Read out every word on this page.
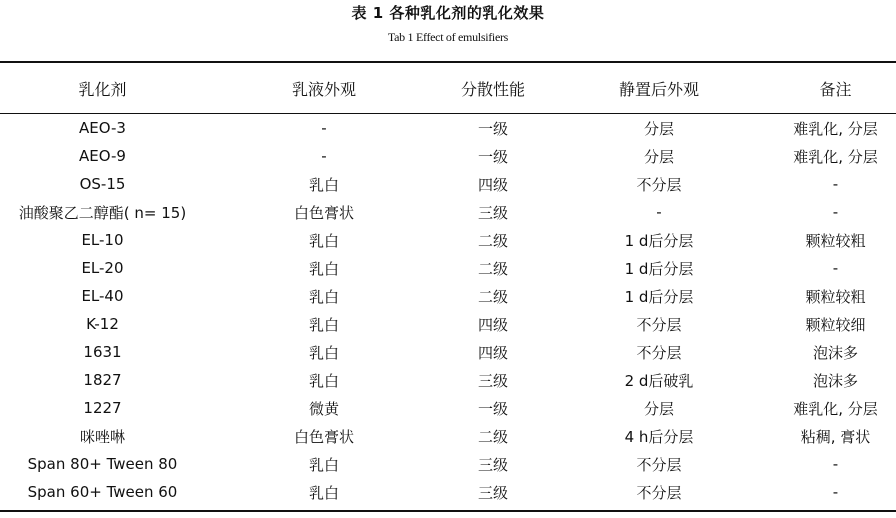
表 1 各种乳化剂的乳化效果
Tab 1 Effect of emulsifiers
乳化剂	乳液外观	分散性能	静置后外观	备注
AEO-3	-	一级	分层	难乳化, 分层
AEO-9	-	一级	分层	难乳化, 分层
OS-15	乳白	四级	不分层	-
油酸聚乙二醇酯( n= 15)	白色膏状	三级	-	-
EL-10	乳白	二级	1 d后分层	颗粒较粗
EL-20	乳白	二级	1 d后分层	-
EL-40	乳白	二级	1 d后分层	颗粒较粗
K-12	乳白	四级	不分层	颗粒较细
1631	乳白	四级	不分层	泡沫多
1827	乳白	三级	2 d后破乳	泡沫多
1227	微黄	一级	分层	难乳化, 分层
咪唑啉	白色膏状	二级	4 h后分层	粘稠, 膏状
Span 80+ Tween 80	乳白	三级	不分层	-
Span 60+ Tween 60	乳白	三级	不分层	-
